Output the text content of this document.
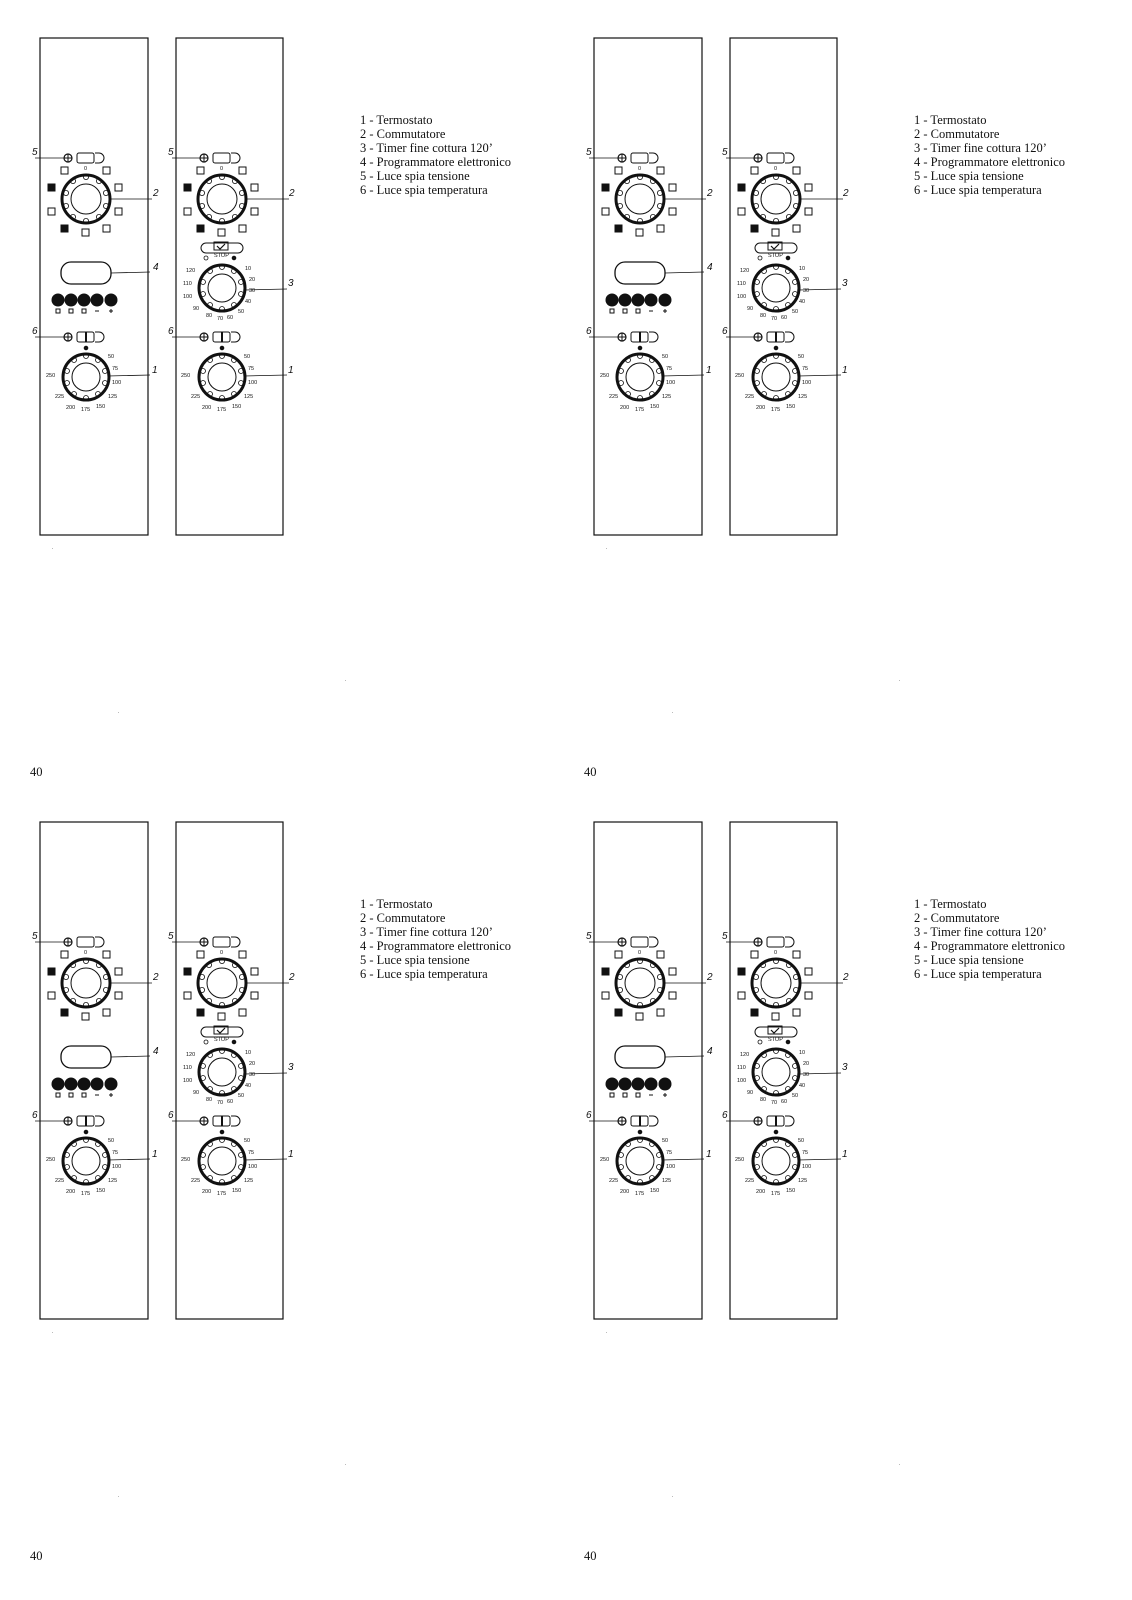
0
50
75
100
125
150
175
200
225
250
5
2
4
6
1
0
STOP
10
20
30
40
50
60
70
80
90
100
110
120
50
75
100
125
150
175
200
225
250
5
2
3
6
1
1 - Termostato
2 - Commutatore
3 - Timer fine cottura 120’
4 - Programmatore elettronico
5 - Luce spia tensione
6 - Luce spia temperatura
40
0
50
75
100
125
150
175
200
225
250
5
2
4
6
1
0
STOP
10
20
30
40
50
60
70
80
90
100
110
120
50
75
100
125
150
175
200
225
250
5
2
3
6
1
1 - Termostato
2 - Commutatore
3 - Timer fine cottura 120’
4 - Programmatore elettronico
5 - Luce spia tensione
6 - Luce spia temperatura
40
0
50
75
100
125
150
175
200
225
250
5
2
4
6
1
0
STOP
10
20
30
40
50
60
70
80
90
100
110
120
50
75
100
125
150
175
200
225
250
5
2
3
6
1
1 - Termostato
2 - Commutatore
3 - Timer fine cottura 120’
4 - Programmatore elettronico
5 - Luce spia tensione
6 - Luce spia temperatura
40
0
50
75
100
125
150
175
200
225
250
5
2
4
6
1
0
STOP
10
20
30
40
50
60
70
80
90
100
110
120
50
75
100
125
150
175
200
225
250
5
2
3
6
1
1 - Termostato
2 - Commutatore
3 - Timer fine cottura 120’
4 - Programmatore elettronico
5 - Luce spia tensione
6 - Luce spia temperatura
40
